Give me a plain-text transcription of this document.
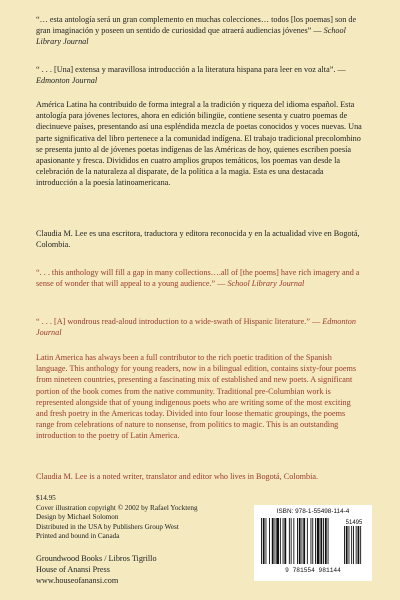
“… esta antología será un gran complemento en muchas colecciones… todos [los poemas] son de gran imaginación y poseen un sentido de curiosidad que atraerá audiencias jóvenes” — School Library Journal
“ . . . [Una] extensa y maravillosa introducción a la literatura hispana para leer en voz alta”. — Edmonton Journal

América Latina ha contribuido de forma integral a la tradición y riqueza del idioma español. Esta antología para jóvenes lectores, ahora en edición bilingüe, contiene sesenta y cuatro poemas de diecinueve países, presentando así una espléndida mezcla de poetas conocidos y voces nuevas. Una parte significativa del libro pertenece a la comunidad indígena. El trabajo tradicional precolombino se presenta junto al de jóvenes poetas indígenas de las Américas de hoy, quienes escriben poesía apasionante y fresca. Divididos en cuatro amplios grupos temáticos, los poemas van desde la celebración de la naturaleza al disparate, de la política a la magia. Esta es una destacada introducción a la poesía latinoamericana.

Claudia M. Lee es una escritora, traductora y editora reconocida y en la actualidad vive en Bogotá, Colombia.

“. . . this anthology will fill a gap in many collections….all of [the poems] have rich imagery and a sense of wonder that will appeal to a young audience.” — School Library Journal
“ . . . [A] wondrous read-aloud introduction to a wide-swath of Hispanic literature.” — Edmonton Journal

Latin America has always been a full contributor to the rich poetic tradition of the Spanish language. This anthology for young readers, now in a bilingual edition, contains sixty-four poems from nineteen countries, presenting a fascinating mix of established and new poets. A significant portion of the book comes from the native community. Traditional pre-Columbian work is represented alongside that of young indigenous poets who are writing some of the most exciting and fresh poetry in the Americas today. Divided into four loose thematic groupings, the poems range from celebrations of nature to nonsense, from politics to magic. This is an outstanding introduction to the poetry of Latin America.

Claudia M. Lee is a noted writer, translator and editor who lives in Bogotá, Colombia.

$14.95
Cover illustration copyright © 2002 by Rafael Yockteng
Design by Michael Solomon
Distributed in the USA by Publishers Group West
Printed and bound in Canada
Groundwood Books / Libros Tigrillo
House of Anansi Press
www.houseofanansi.com
ISBN: 978-1-55498-114-4
51495
9 781554 981144
